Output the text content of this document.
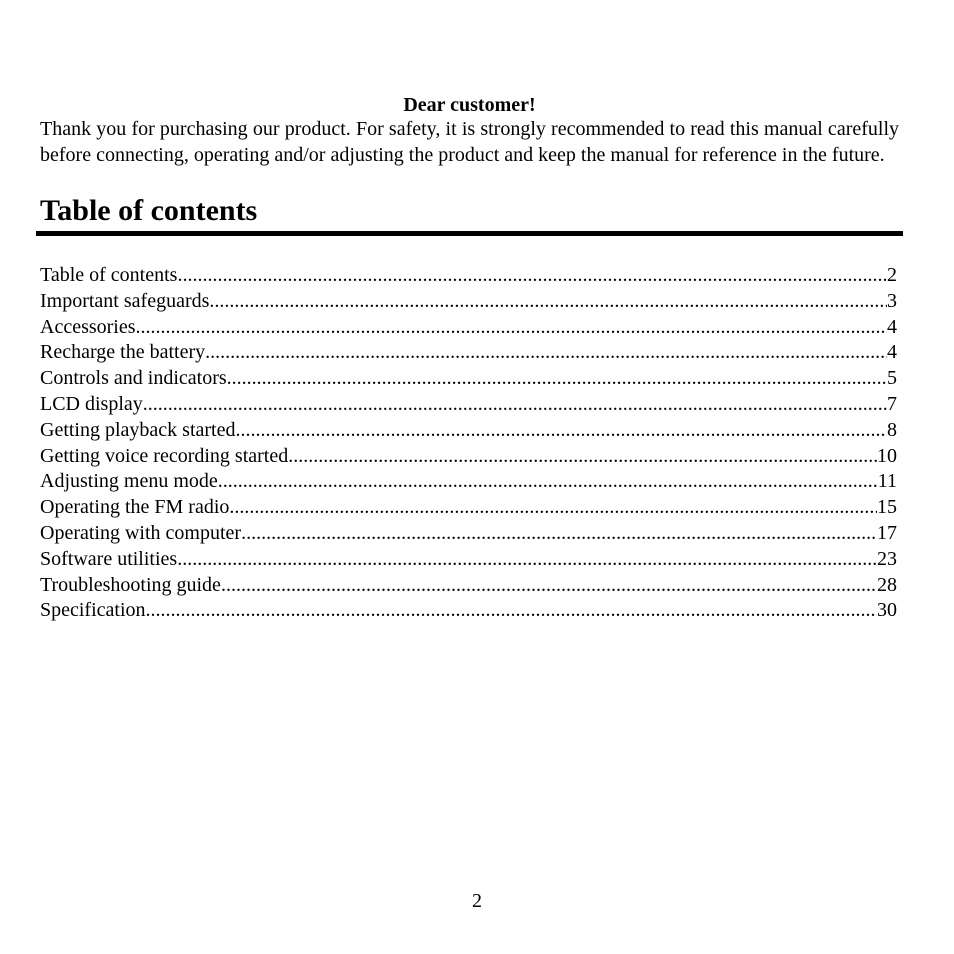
Dear customer!

Thank you for purchasing our product. For safety, it is strongly recommended to read this manual carefully before connecting, operating and/or adjusting the product and keep the manual for reference in the future.

Table of contents
Table of contents .....	2
Important safeguards .....	3
Accessories .....	4
Recharge the battery .....	4
Controls and indicators .....	5
LCD display .....	7
Getting playback started .....	8
Getting voice recording started .....	10
Adjusting menu mode .....	11
Operating the FM radio .....	15
Operating with computer .....	17
Software utilities .....	23
Troubleshooting guide .....	28
Specification .....	30
2
